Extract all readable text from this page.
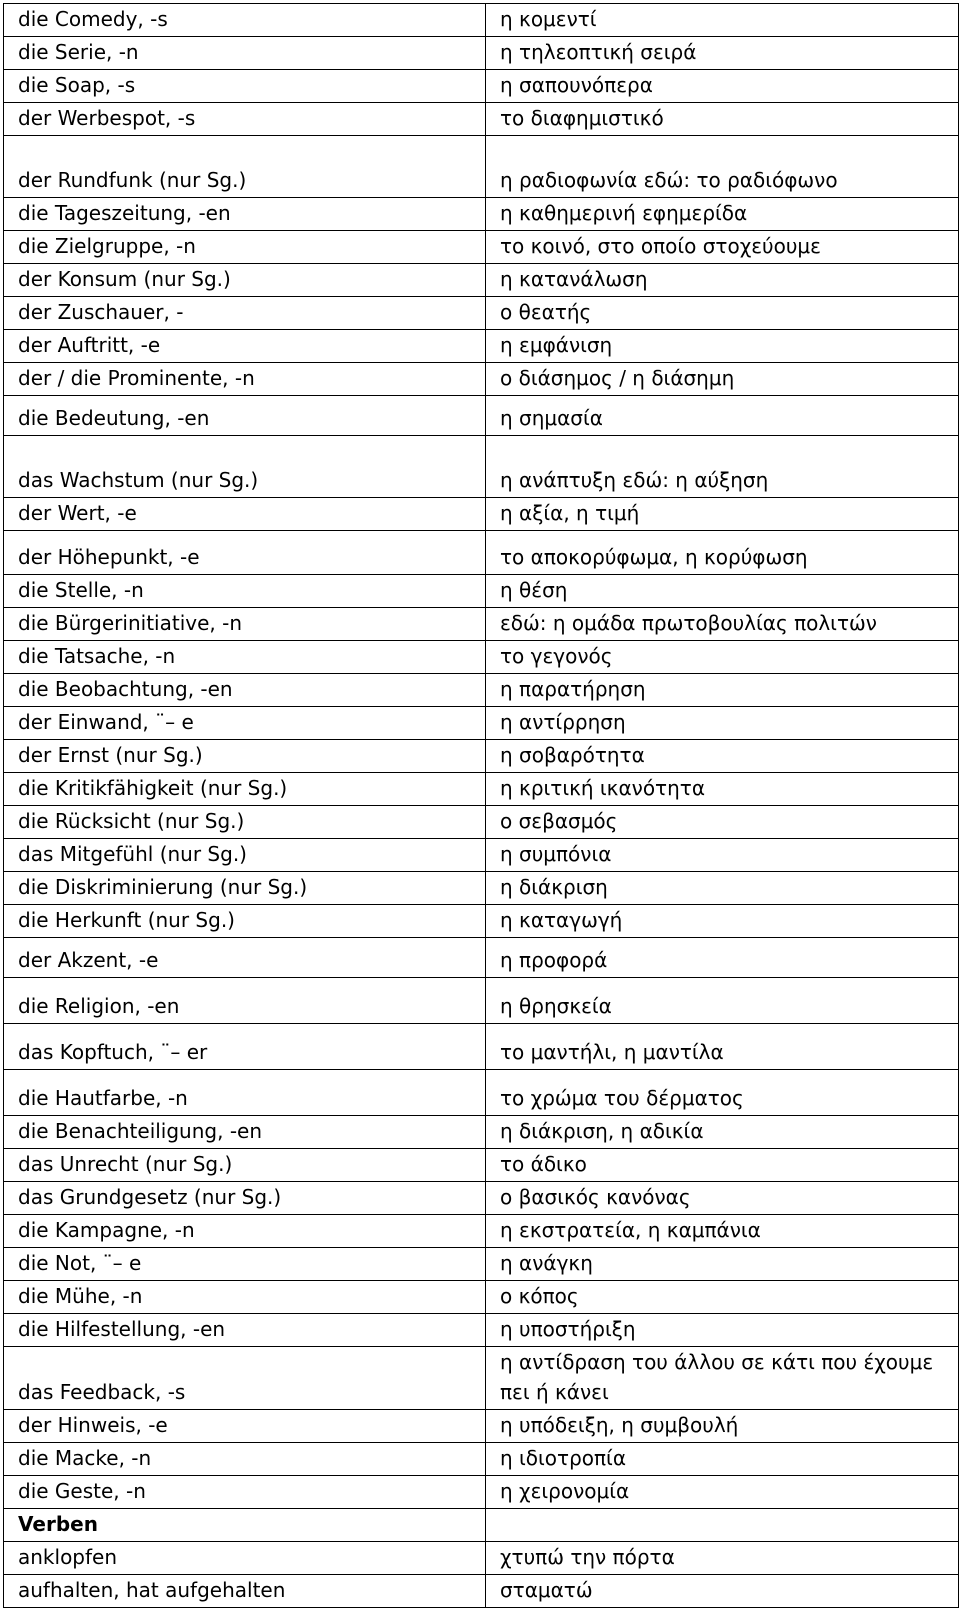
die Comedy, -s	η κομεντί
die Serie, -n	η τηλεοπτική σειρά
die Soap, -s	η σαπουνόπερα
der Werbespot, -s	το διαφημιστικό
der Rundfunk (nur Sg.)	η ραδιοφωνία εδώ: το ραδιόφωνο
die Tageszeitung, -en	η καθημερινή εφημερίδα
die Zielgruppe, -n	το κοινό, στο οποίο στοχεύουμε
der Konsum (nur Sg.)	η κατανάλωση
der Zuschauer, -	ο θεατής
der Auftritt, -e	η εμφάνιση
der / die Prominente, -n	ο διάσημος / η διάσημη
die Bedeutung, -en	η σημασία
das Wachstum (nur Sg.)	η ανάπτυξη εδώ: η αύξηση
der Wert, -e	η αξία, η τιμή
der Höhepunkt, -e	το αποκορύφωμα, η κορύφωση
die Stelle, -n	η θέση
die Bürgerinitiative, -n	εδώ: η ομάδα πρωτοβουλίας πολιτών
die Tatsache, -n	το γεγονός
die Beobachtung, -en	η παρατήρηση
der Einwand, ¨– e	η αντίρρηση
der Ernst (nur Sg.)	η σοβαρότητα
die Kritikfähigkeit (nur Sg.)	η κριτική ικανότητα
die Rücksicht (nur Sg.)	ο σεβασμός
das Mitgefühl (nur Sg.)	η συμπόνια
die Diskriminierung (nur Sg.)	η διάκριση
die Herkunft (nur Sg.)	η καταγωγή
der Akzent, -e	η προφορά
die Religion, -en	η θρησκεία
das Kopftuch, ¨– er	το μαντήλι, η μαντίλα
die Hautfarbe, -n	το χρώμα του δέρματος
die Benachteiligung, -en	η διάκριση, η αδικία
das Unrecht (nur Sg.)	το άδικο
das Grundgesetz (nur Sg.)	ο βασικός κανόνας
die Kampagne, -n	η εκστρατεία, η καμπάνια
die Not, ¨– e	η ανάγκη
die Mühe, -n	ο κόπος
die Hilfestellung, -en	η υποστήριξη
das Feedback, -s	η αντίδραση του άλλου σε κάτι που έχουμε πει ή κάνει
der Hinweis, -e	η υπόδειξη, η συμβουλή
die Macke, -n	η ιδιοτροπία
die Geste, -n	η χειρονομία
Verben	
anklopfen	χτυπώ την πόρτα
aufhalten, hat aufgehalten	σταματώ
